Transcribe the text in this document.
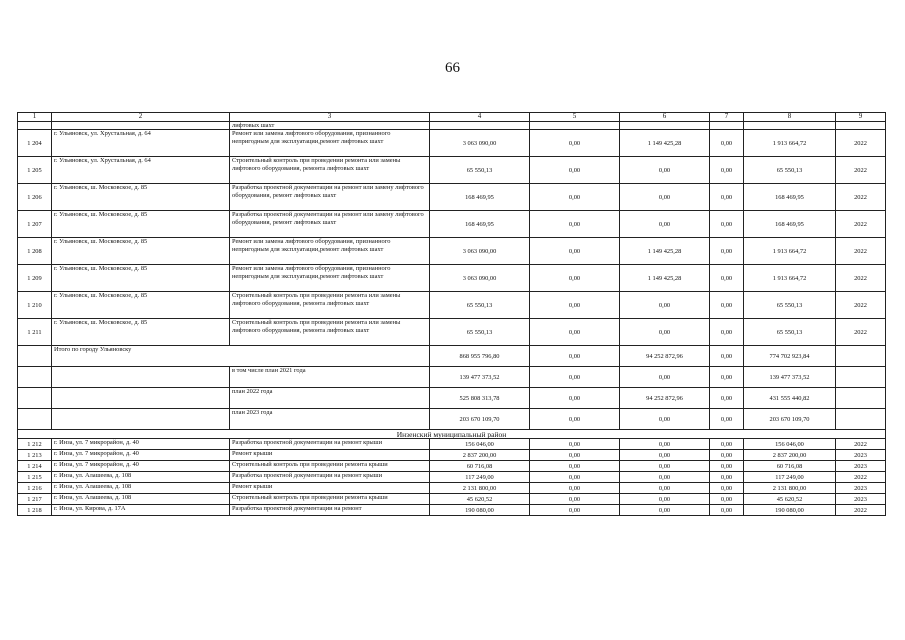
66
1	2	3	4	5	6	7	8	9
		лифтовых шахт						
1 204	г. Ульяновск, ул. Хрустальная, д. 64	Ремонт или замена лифтового оборудования, признанного непригодным для эксплуатации,ремонт лифтовых шахт	3 063 090,00	0,00	1 149 425,28	0,00	1 913 664,72	2022
1 205	г. Ульяновск, ул. Хрустальная, д. 64	Строительный контроль при проведении ремонта или замены лифтового оборудования, ремонта лифтовых шахт	65 550,13	0,00	0,00	0,00	65 550,13	2022
1 206	г. Ульяновск, ш. Московское, д. 85	Разработка проектной документации на ремонт или замену лифтового оборудования, ремонт лифтовых шахт	168 469,95	0,00	0,00	0,00	168 469,95	2022
1 207	г. Ульяновск, ш. Московское, д. 85	Разработка проектной документации на ремонт или замену лифтового оборудования, ремонт лифтовых шахт	168 469,95	0,00	0,00	0,00	168 469,95	2022
1 208	г. Ульяновск, ш. Московское, д. 85	Ремонт или замена лифтового оборудования, признанного непригодным для эксплуатации,ремонт лифтовых шахт	3 063 090,00	0,00	1 149 425,28	0,00	1 913 664,72	2022
1 209	г. Ульяновск, ш. Московское, д. 85	Ремонт или замена лифтового оборудования, признанного непригодным для эксплуатации,ремонт лифтовых шахт	3 063 090,00	0,00	1 149 425,28	0,00	1 913 664,72	2022
1 210	г. Ульяновск, ш. Московское, д. 85	Строительный контроль при проведении ремонта или замены лифтового оборудования, ремонта лифтовых шахт	65 550,13	0,00	0,00	0,00	65 550,13	2022
1 211	г. Ульяновск, ш. Московское, д. 85	Строительный контроль при проведении ремонта или замены лифтового оборудования, ремонта лифтовых шахт	65 550,13	0,00	0,00	0,00	65 550,13	2022
	Итого по городу Ульяновску		868 955 796,80	0,00	94 252 872,96	0,00	774 702 923,84	
		в том числе план 2021 года	139 477 373,52	0,00	0,00	0,00	139 477 373,52	
		план 2022 года	525 808 313,78	0,00	94 252 872,96	0,00	431 555 440,82	
		план 2023 года	203 670 109,70	0,00	0,00	0,00	203 670 109,70	
Инзенский муниципальный район								
1 212	г. Инза, ул. 7 микрорайон, д. 40	Разработка проектной документации на ремонт крыши	156 046,00	0,00	0,00	0,00	156 046,00	2022
1 213	г. Инза, ул. 7 микрорайон, д. 40	Ремонт крыши	2 837 200,00	0,00	0,00	0,00	2 837 200,00	2023
1 214	г. Инза, ул. 7 микрорайон, д. 40	Строительный контроль при проведении ремонта крыши	60 716,08	0,00	0,00	0,00	60 716,08	2023
1 215	г. Инза, ул. Алашеева, д. 108	Разработка проектной документации на ремонт крыши	117 249,00	0,00	0,00	0,00	117 249,00	2022
1 216	г. Инза, ул. Алашеева, д. 108	Ремонт крыши	2 131 800,00	0,00	0,00	0,00	2 131 800,00	2023
1 217	г. Инза, ул. Алашеева, д. 108	Строительный контроль при проведении ремонта крыши	45 620,52	0,00	0,00	0,00	45 620,52	2023
1 218	г. Инза, ул. Кирова, д. 17А	Разработка проектной документации на ремонт	190 080,00	0,00	0,00	0,00	190 080,00	2022
